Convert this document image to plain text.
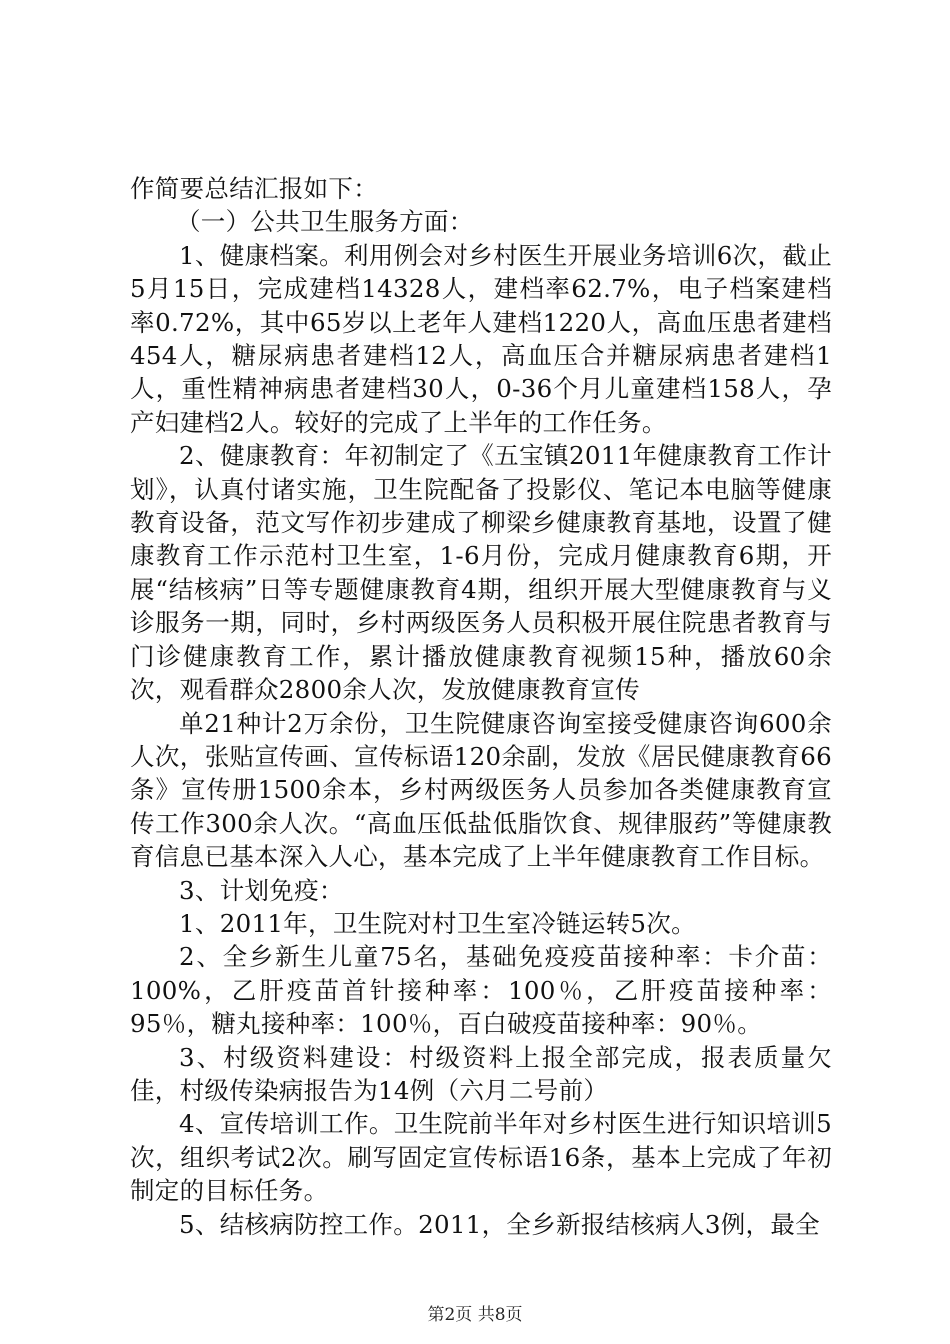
作简要总结汇报如下：

（一）公共卫生服务方面：

1、健康档案。利用例会对乡村医生开展业务培训6次，截止5月15日，完成建档14328人，建档率62.7%，电子档案建档率0.72%，其中65岁以上老年人建档1220人，高血压患者建档454人，糖尿病患者建档12人，高血压合并糖尿病患者建档1人，重性精神病患者建档30人，0-36个月儿童建档158人，孕产妇建档2人。较好的完成了上半年的工作任务。

2、健康教育：年初制定了《五宝镇2011年健康教育工作计划》，认真付诸实施，卫生院配备了投影仪、笔记本电脑等健康教育设备，范文写作初步建成了柳梁乡健康教育基地，设置了健康教育工作示范村卫生室，1-6月份，完成月健康教育6期，开展“结核病”日等专题健康教育4期，组织开展大型健康教育与义诊服务一期，同时，乡村两级医务人员积极开展住院患者教育与门诊健康教育工作，累计播放健康教育视频15种，播放60余次，观看群众2800余人次，发放健康教育宣传

单21种计2万余份，卫生院健康咨询室接受健康咨询600余人次，张贴宣传画、宣传标语120余副，发放《居民健康教育66条》宣传册1500余本，乡村两级医务人员参加各类健康教育宣传工作300余人次。“高血压低盐低脂饮食、规律服药”等健康教育信息已基本深入人心，基本完成了上半年健康教育工作目标。

3、计划免疫：

1、2011年，卫生院对村卫生室冷链运转5次。

2、全乡新生儿童75名，基础免疫疫苗接种率：卡介苗：100%，乙肝疫苗首针接种率：100％，乙肝疫苗接种率：95％，糖丸接种率：100％，百白破疫苗接种率：90％。

3、村级资料建设：村级资料上报全部完成，报表质量欠佳，村级传染病报告为14例（六月二号前）

4、宣传培训工作。卫生院前半年对乡村医生进行知识培训5次，组织考试2次。刷写固定宣传标语16条，基本上完成了年初制定的目标任务。

5、结核病防控工作。2011，全乡新报结核病人3例，最全

第2页 共8页
